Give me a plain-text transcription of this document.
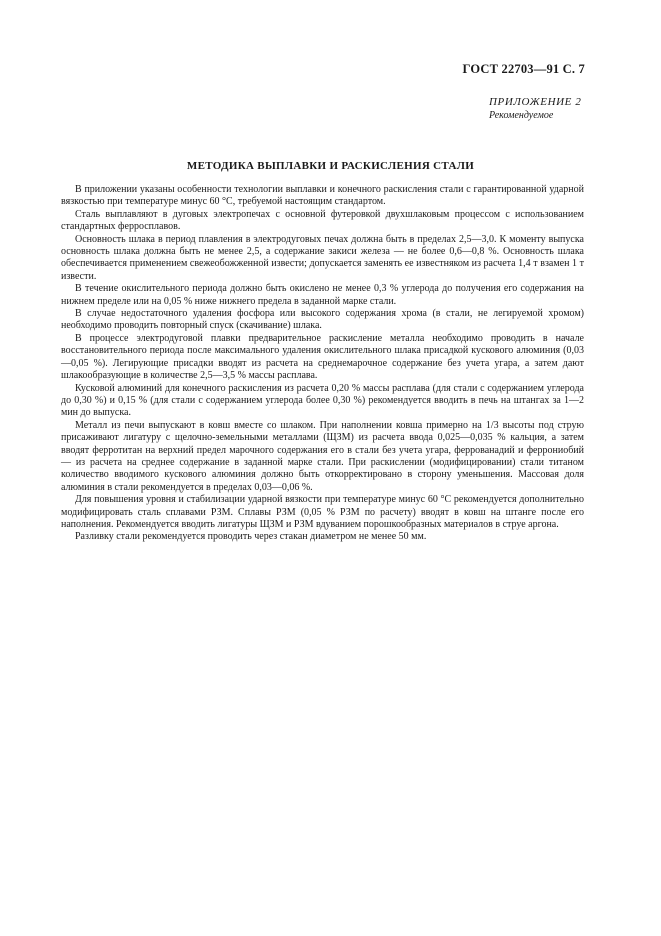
ГОСТ 22703—91 С. 7
ПРИЛОЖЕНИЕ 2
Рекомендуемое
МЕТОДИКА ВЫПЛАВКИ И РАСКИСЛЕНИЯ СТАЛИ

В приложении указаны особенности технологии выплавки и конечного раскисления стали с гарантированной ударной вязкостью при температуре минус 60 °С, требуемой настоящим стандартом.

Сталь выплавляют в дуговых электропечах с основной футеровкой двухшлаковым процессом с использованием стандартных ферросплавов.

Основность шлака в период плавления в электродуговых печах должна быть в пределах 2,5—3,0. К моменту выпуска основность шлака должна быть не менее 2,5, а содержание закиси железа — не более 0,6—0,8 %. Основность шлака обеспечивается применением свежеобожженной извести; допускается заменять ее известняком из расчета 1,4 т взамен 1 т извести.

В течение окислительного периода должно быть окислено не менее 0,3 % углерода до получения его содержания на нижнем пределе или на 0,05 % ниже нижнего предела в заданной марке стали.

В случае недостаточного удаления фосфора или высокого содержания хрома (в стали, не легируемой хромом) необходимо проводить повторный спуск (скачивание) шлака.

В процессе электродуговой плавки предварительное раскисление металла необходимо проводить в начале восстановительного периода после максимального удаления окислительного шлака присадкой кускового алюминия (0,03—0,05 %). Легирующие присадки вводят из расчета на среднемарочное содержание без учета угара, а затем дают шлакообразующие в количестве 2,5—3,5 % массы расплава.

Кусковой алюминий для конечного раскисления из расчета 0,20 % массы расплава (для стали с содержанием углерода до 0,30 %) и 0,15 % (для стали с содержанием углерода более 0,30 %) рекомендуется вводить в печь на штангах за 1—2 мин до выпуска.

Металл из печи выпускают в ковш вместе со шлаком. При наполнении ковша примерно на 1/3 высоты под струю присаживают лигатуру с щелочно-земельными металлами (ЩЗМ) из расчета ввода 0,025—0,035 % кальция, а затем вводят ферротитан на верхний предел марочного содержания его в стали без учета угара, феррованадий и феррониобий — из расчета на среднее содержание в заданной марке стали. При раскислении (модифицировании) стали титаном количество вводимого кускового алюминия должно быть откорректировано в сторону уменьшения. Массовая доля алюминия в стали рекомендуется в пределах 0,03—0,06 %.

Для повышения уровня и стабилизации ударной вязкости при температуре минус 60 °С рекомендуется дополнительно модифицировать сталь сплавами РЗМ. Сплавы РЗМ (0,05 % РЗМ по расчету) вводят в ковш на штанге после его наполнения. Рекомендуется вводить лигатуры ЩЗМ и РЗМ вдуванием порошкообразных материалов в струе аргона.

Разливку стали рекомендуется проводить через стакан диаметром не менее 50 мм.
